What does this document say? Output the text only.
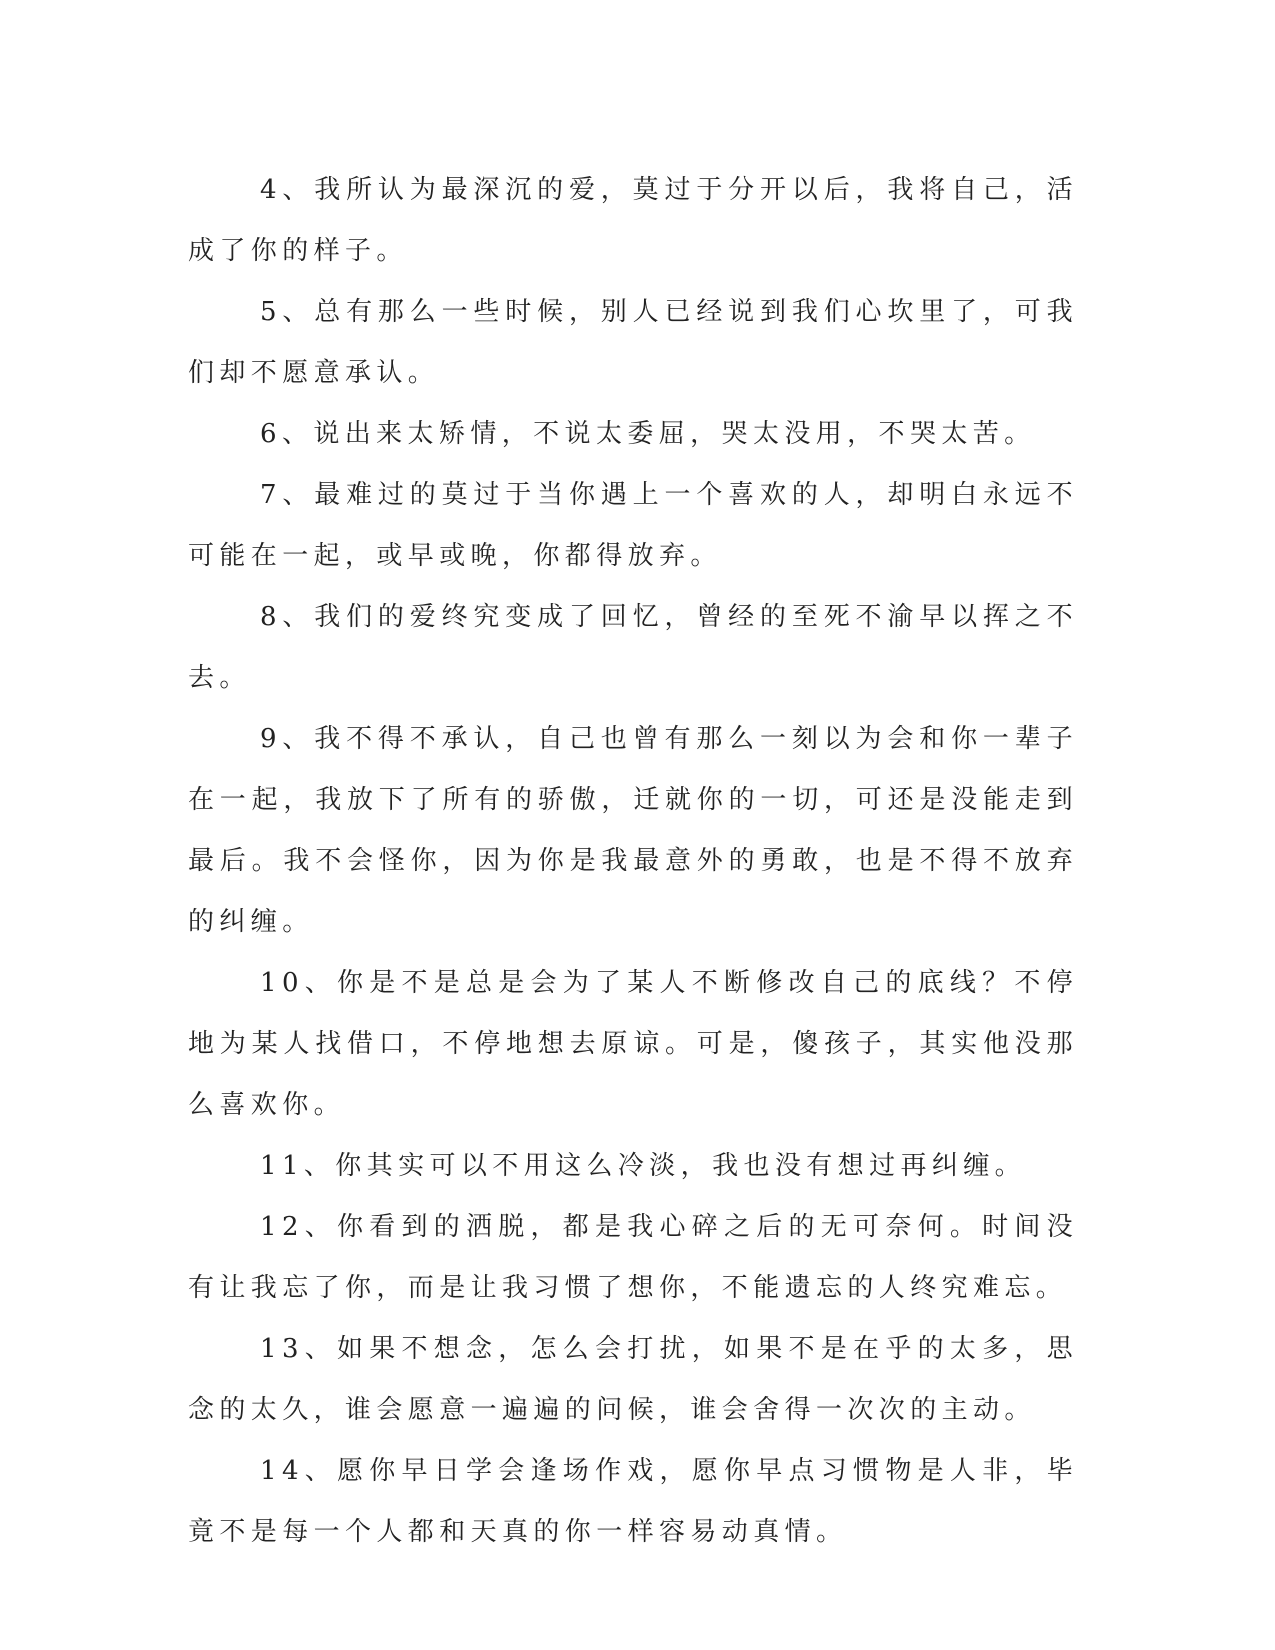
4、我所认为最深沉的爱，莫过于分开以后，我将自己，活成了你的样子。

5、总有那么一些时候，别人已经说到我们心坎里了，可我们却不愿意承认。

6、说出来太矫情，不说太委屈，哭太没用，不哭太苦。

7、最难过的莫过于当你遇上一个喜欢的人，却明白永远不可能在一起，或早或晚，你都得放弃。

8、我们的爱终究变成了回忆，曾经的至死不渝早以挥之不去。

9、我不得不承认，自己也曾有那么一刻以为会和你一辈子在一起，我放下了所有的骄傲，迁就你的一切，可还是没能走到最后。我不会怪你，因为你是我最意外的勇敢，也是不得不放弃的纠缠。

10、你是不是总是会为了某人不断修改自己的底线？不停地为某人找借口，不停地想去原谅。可是，傻孩子，其实他没那么喜欢你。

11、你其实可以不用这么冷淡，我也没有想过再纠缠。

12、你看到的洒脱，都是我心碎之后的无可奈何。时间没有让我忘了你，而是让我习惯了想你，不能遗忘的人终究难忘。

13、如果不想念，怎么会打扰，如果不是在乎的太多，思念的太久，谁会愿意一遍遍的问候，谁会舍得一次次的主动。

14、愿你早日学会逢场作戏，愿你早点习惯物是人非，毕竟不是每一个人都和天真的你一样容易动真情。
